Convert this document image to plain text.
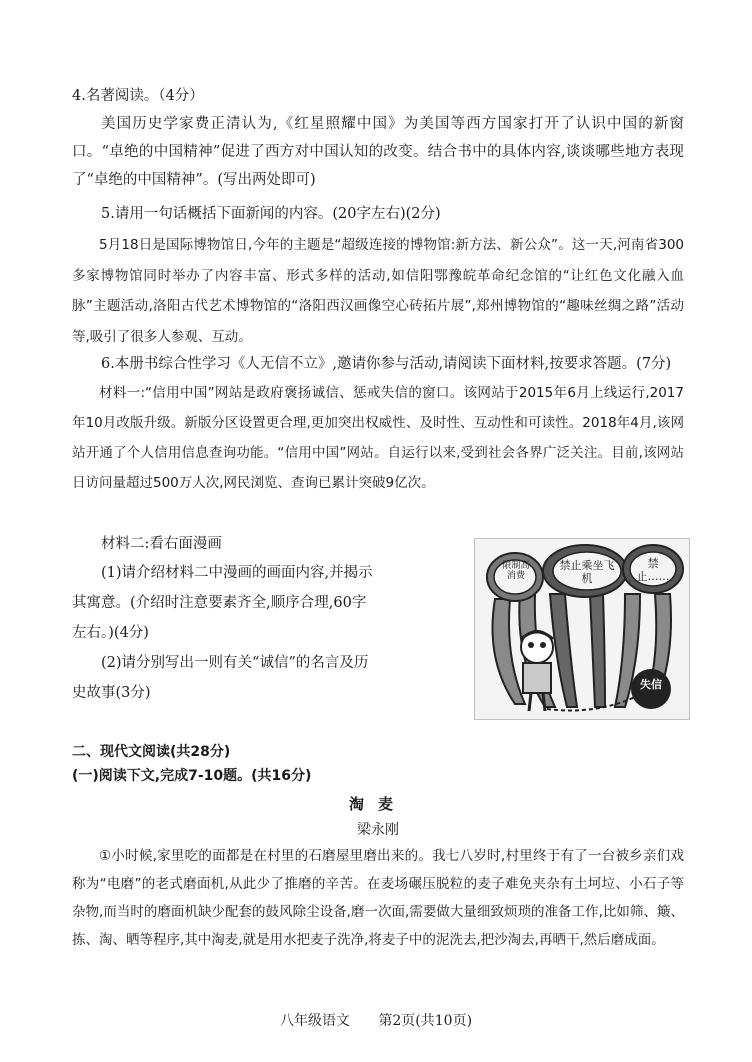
4.名著阅读。（4分）

美国历史学家费正清认为,《红星照耀中国》为美国等西方国家打开了认识中国的新窗口。“卓绝的中国精神”促进了西方对中国认知的改变。结合书中的具体内容,谈谈哪些地方表现了“卓绝的中国精神”。(写出两处即可)

5.请用一句话概括下面新闻的内容。(20字左右)(2分)

5月18日是国际博物馆日,今年的主题是“超级连接的博物馆:新方法、新公众”。这一天,河南省300多家博物馆同时举办了内容丰富、形式多样的活动,如信阳鄂豫皖革命纪念馆的“让红色文化融入血脉”主题活动,洛阳古代艺术博物馆的“洛阳西汉画像空心砖拓片展”,郑州博物馆的“趣味丝绸之路”活动等,吸引了很多人参观、互动。

6.本册书综合性学习《人无信不立》,邀请你参与活动,请阅读下面材料,按要求答题。(7分)

材料一:“信用中国”网站是政府褒扬诚信、惩戒失信的窗口。该网站于2015年6月上线运行,2017年10月改版升级。新版分区设置更合理,更加突出权威性、及时性、互动性和可读性。2018年4月,该网站开通了个人信用信息查询功能。“信用中国”网站。自运行以来,受到社会各界广泛关注。目前,该网站日访问量超过500万人次,网民浏览、查询已累计突破9亿次。

材料二:看右面漫画
(1)请介绍材料二中漫画的画面内容,并揭示
其寓意。(介绍时注意要素齐全,顺序合理,60字
左右。)(4分)
(2)请分别写出一则有关“诚信”的名言及历
史故事(3分)
限制高消费
禁止乘坐飞机
禁止……
失信
二、现代文阅读(共28分)
(一)阅读下文,完成7-10题。(共16分)
淘麦
梁永刚

①小时候,家里吃的面都是在村里的石磨屋里磨出来的。我七八岁时,村里终于有了一台被乡亲们戏称为“电磨”的老式磨面机,从此少了推磨的辛苦。在麦场碾压脱粒的麦子难免夹杂有土坷垃、小石子等杂物,而当时的磨面机缺少配套的鼓风除尘设备,磨一次面,需要做大量细致烦琐的准备工作,比如筛、簸、拣、淘、晒等程序,其中淘麦,就是用水把麦子洗净,将麦子中的泥洗去,把沙淘去,再晒干,然后磨成面。

八年级语文 第2页(共10页)
